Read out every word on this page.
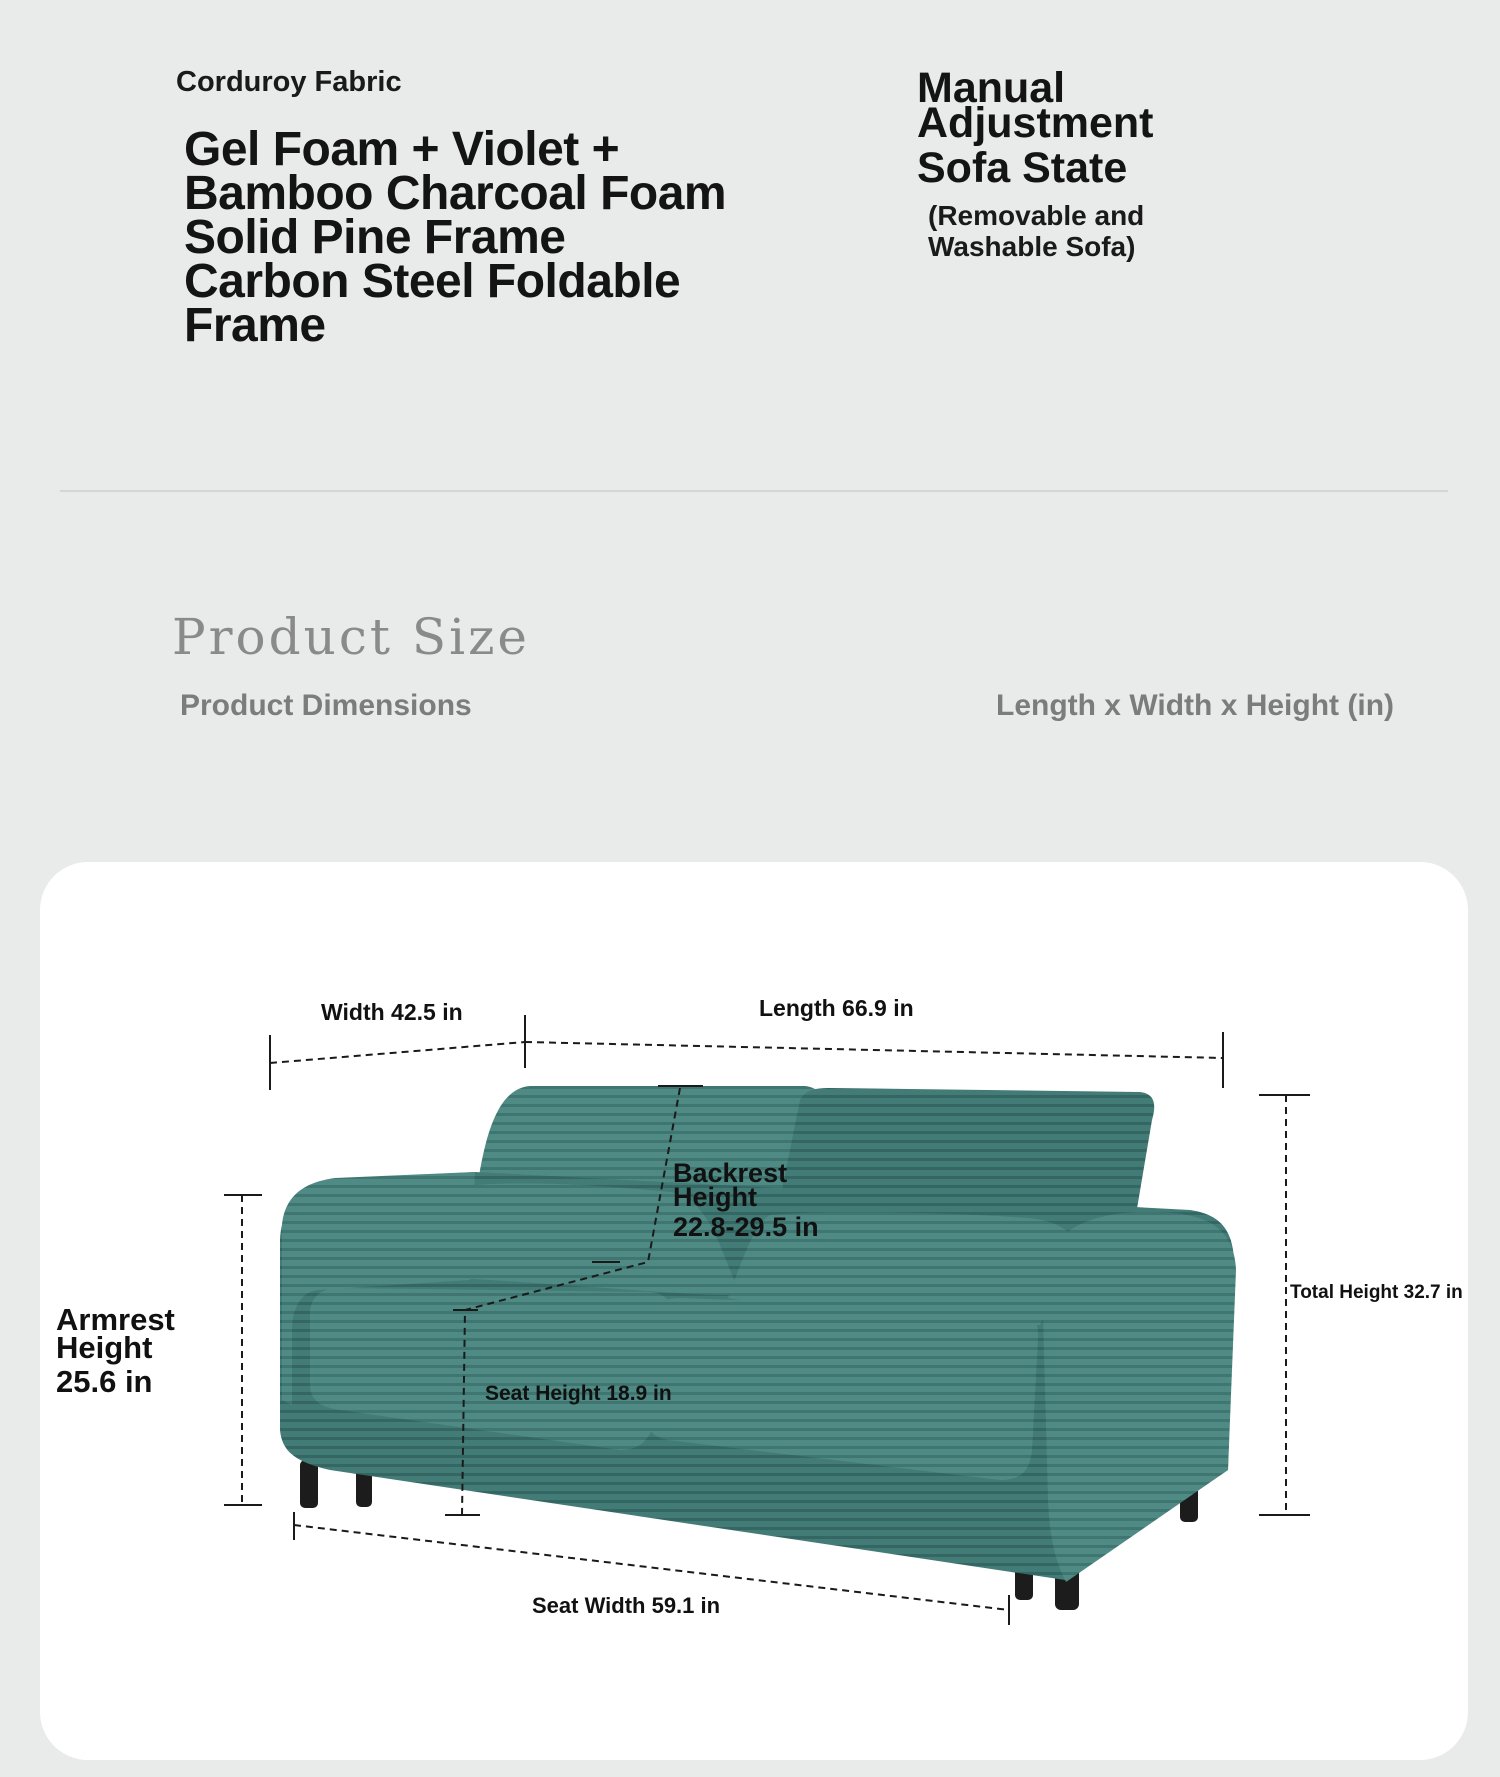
Corduroy Fabric
Gel Foam + Violet +
Bamboo Charcoal Foam
Solid Pine Frame
Carbon Steel Foldable
Frame
Manual
Adjustment
Sofa State
(Removable and
Washable Sofa)
Product Size
Product Dimensions	Length x Width x Height (in)
Width 42.5 in	Length 66.9 in
Backrest
Height
22.8-29.5 in
Armrest
Height
25.6 in
Total Height 32.7 in
Seat Height 18.9 in
Seat Width 59.1 in
